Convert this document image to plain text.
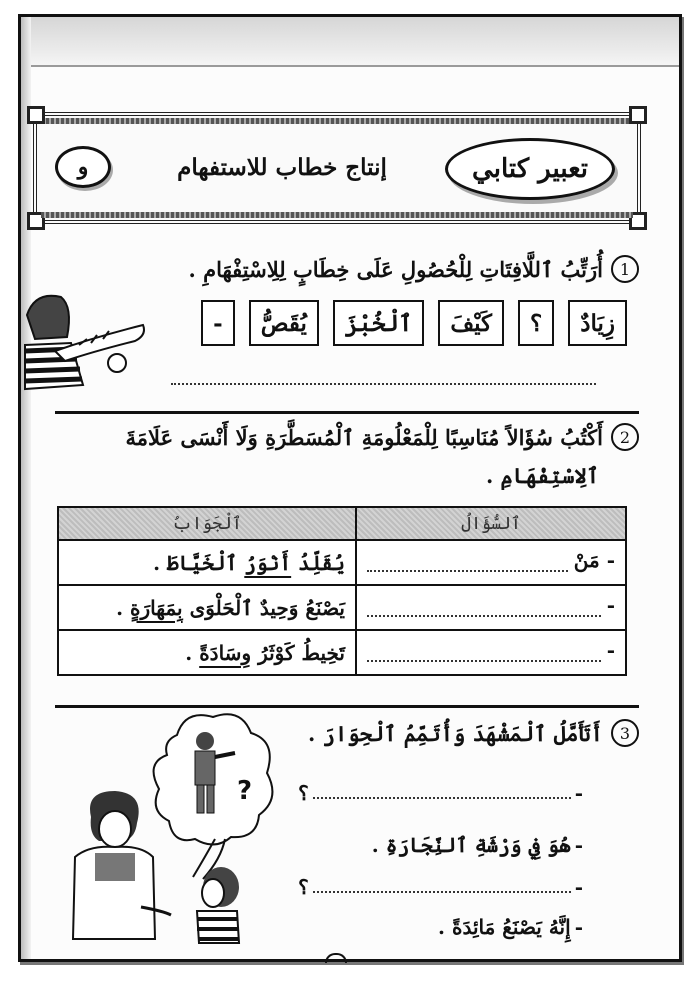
تعبير كتابي
إنتاج خطاب للاستفهام
و
1
أُرَتِّبُ ٱللَّافِتَاتِ لِلْحُصُولِ عَلَى خِطَابٍ لِلِاسْتِفْهَامِ .
زِيَادٌ
؟
كَيْفَ
ٱلْخُبْزَ
يُقَصُّ
-
2
أَكْتُبُ سُؤَالاً مُنَاسِبًا لِلْمَعْلُومَةِ ٱلْمُسَطَّرَةِ وَلَا أَنْسَى عَلَامَةَ
ٱلِاسْتِفْهَامِ .
ٱلسُّؤَالُ	ٱلْجَوَابُ

- مَنْ	يُقَلِّدُ أَنْوَرُ ٱلْخَيَّاطَ .

-	يَصْنَعُ وَحِيدٌ ٱلْحَلْوَى بِمَهَارَةٍ .

-	تَخِيطُ كَوْثَرُ وِسَادَةً .
3
أَتَأَمَّلُ ٱلْمَشْهَدَ وَأُتَمِّمُ ٱلْحِوَارَ .
-
؟
-
هُوَ فِي وَرْشَةِ ٱلنِّجَارَةِ .
-
؟
-
إِنَّهُ يَصْنَعُ مَائِدَةً .
?
